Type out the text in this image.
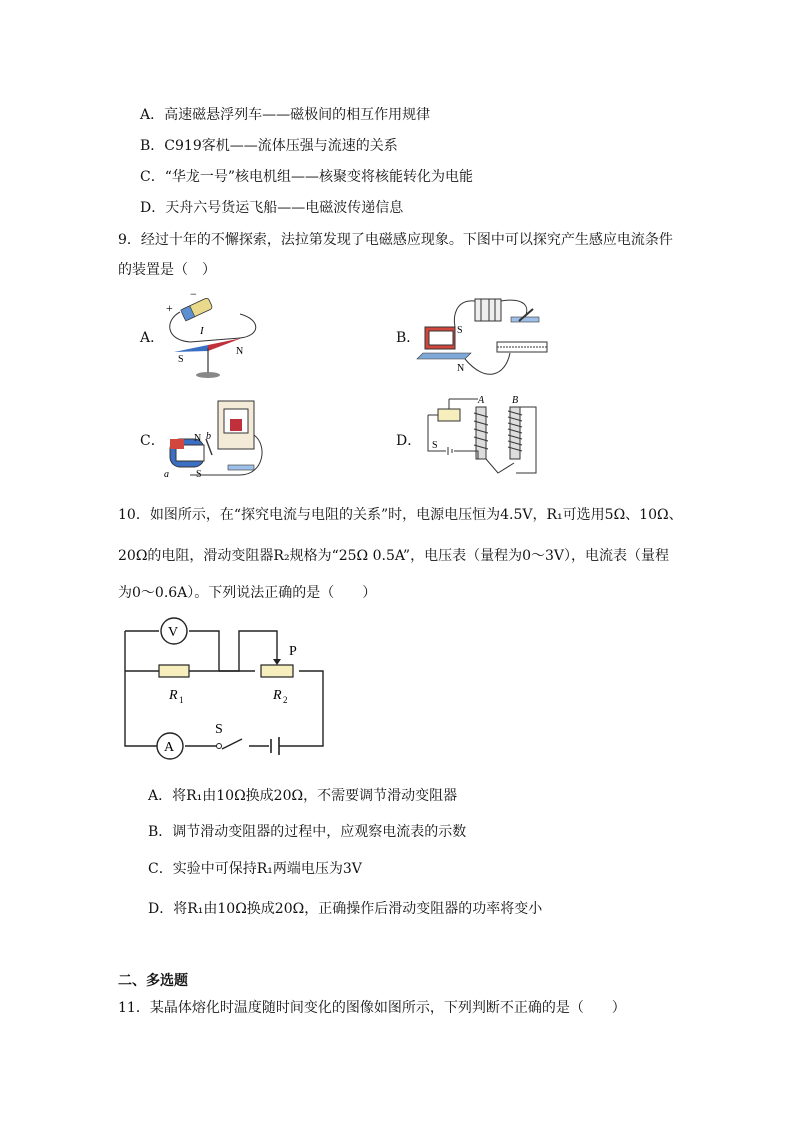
A．高速磁悬浮列车——磁极间的相互作用规律
B．C919客机——流体压强与流速的关系
C．“华龙一号”核电机组——核聚变将核能转化为电能
D．天舟六号货运飞船——电磁波传递信息
9．经过十年的不懈探索，法拉第发现了电磁感应现象。下图中可以探究产生感应电流条件
的装置是（　）
A．	B．
C．	D．
+
−
I
S
N
S
N
N b
a	S
S
A	B
10．如图所示，在“探究电流与电阻的关系”时，电源电压恒为4.5V，R₁可选用5Ω、10Ω、
20Ω的电阻，滑动变阻器R₂规格为“25Ω 0.5A”，电压表（量程为0～3V），电流表（量程
为0～0.6A）。下列说法正确的是（　　）
V
A
P
R 1	R 2
S
A．将R₁由10Ω换成20Ω，不需要调节滑动变阻器
B．调节滑动变阻器的过程中，应观察电流表的示数
C．实验中可保持R₁两端电压为3V
D．将R₁由10Ω换成20Ω，正确操作后滑动变阻器的功率将变小
二、多选题
11．某晶体熔化时温度随时间变化的图像如图所示，下列判断不正确的是（　　）
